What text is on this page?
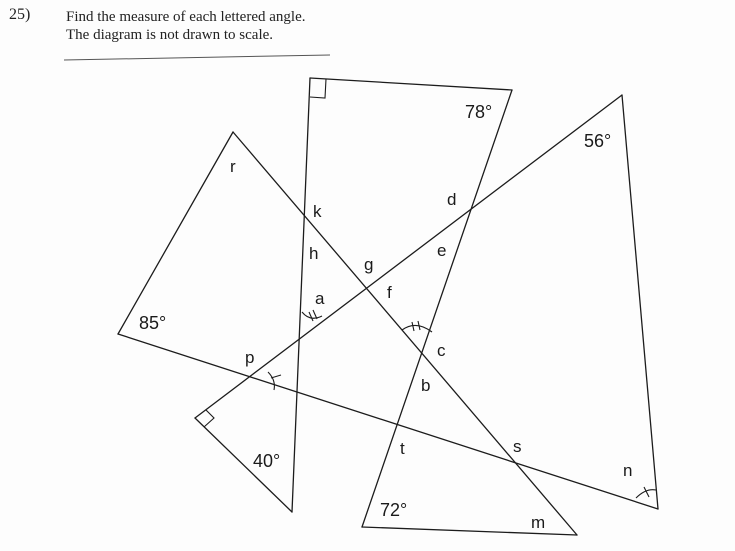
25) Find the measure of each lettered angle.
The diagram is not drawn to scale.
78°
56°
85°
40°
72°
r
k
h
a
g
d
e
f
c
b
p
t	s
n
m
